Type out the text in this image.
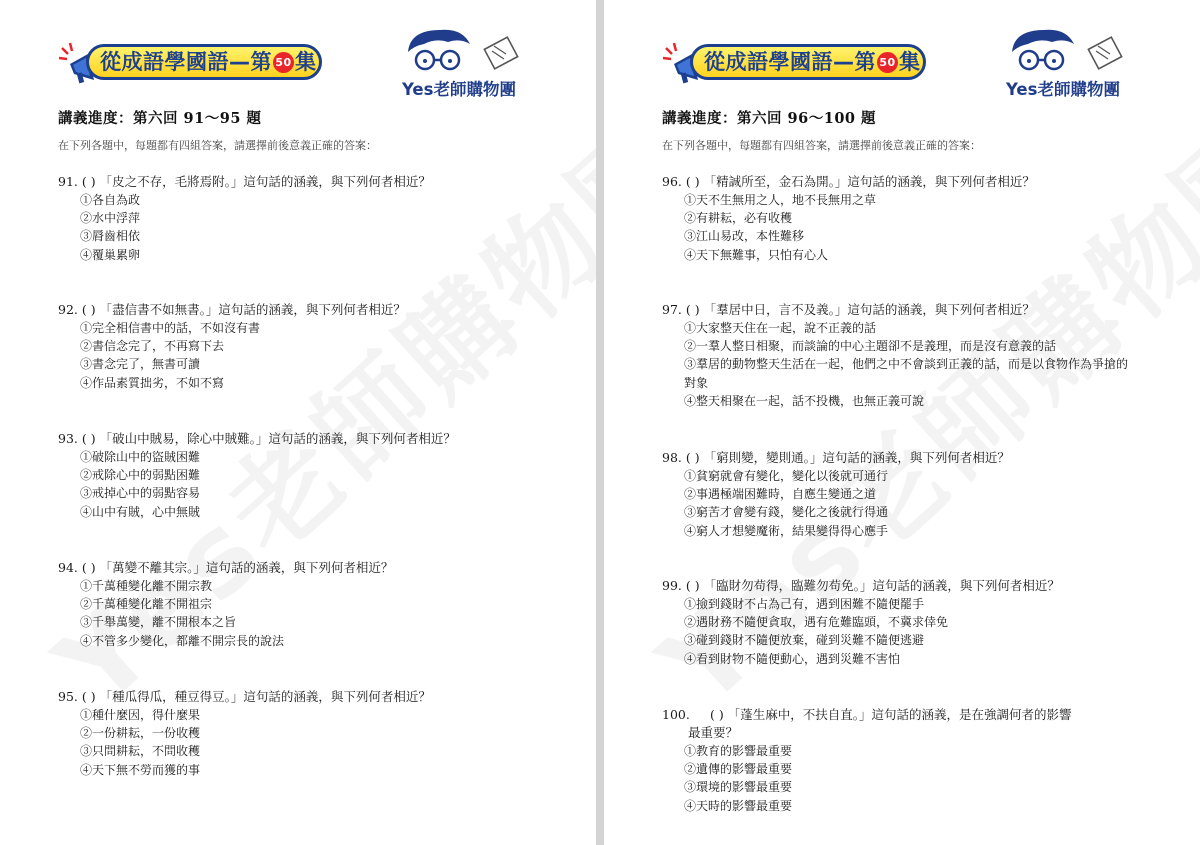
從成語學國語—第 50 集
Yes老師購物團
講義進度：第六回 91～95 題
在下列各題中，每題都有四組答案，請選擇前後意義正確的答案：
91. ( ) 「皮之不存，毛將焉附。」這句話的涵義，與下列何者相近？
①各自為政
②水中浮萍
③脣齒相依
④覆巢累卵
92. ( ) 「盡信書不如無書。」這句話的涵義，與下列何者相近？
①完全相信書中的話，不如沒有書
②書信念完了，不再寫下去
③書念完了，無書可讀
④作品素質拙劣，不如不寫
93. ( ) 「破山中賊易，除心中賊難。」這句話的涵義，與下列何者相近？
①破除山中的盜賊困難
②戒除心中的弱點困難
③戒掉心中的弱點容易
④山中有賊，心中無賊
94. ( ) 「萬變不離其宗。」這句話的涵義，與下列何者相近？
①千萬種變化離不開宗教
②千萬種變化離不開祖宗
③千舉萬變，離不開根本之旨
④不管多少變化，都離不開宗長的說法
95. ( ) 「種瓜得瓜，種豆得豆。」這句話的涵義，與下列何者相近？
①種什麼因，得什麼果
②一份耕耘，一份收穫
③只問耕耘，不問收穫
④天下無不勞而獲的事
從成語學國語—第 50 集
Yes老師購物團
講義進度：第六回 96～100 題
在下列各題中，每題都有四組答案，請選擇前後意義正確的答案：
96. ( ) 「精誠所至，金石為開。」這句話的涵義，與下列何者相近？
①天不生無用之人，地不長無用之草
②有耕耘，必有收穫
③江山易改，本性難移
④天下無難事，只怕有心人
97. ( ) 「羣居中日，言不及義。」這句話的涵義，與下列何者相近？
①大家整天住在一起，說不正義的話
②一羣人整日相聚，而談論的中心主題卻不是義理，而是沒有意義的話
③羣居的動物整天生活在一起，他們之中不會談到正義的話，而是以食物作為爭搶的對象
④整天相聚在一起，話不投機，也無正義可說
98. ( ) 「窮則變，變則通。」這句話的涵義，與下列何者相近？
①貧窮就會有變化，變化以後就可通行
②事遇極端困難時，自應生變通之道
③窮苦才會變有錢，變化之後就行得通
④窮人才想變魔術，結果變得得心應手
99. ( ) 「臨財勿苟得，臨難勿苟免。」這句話的涵義，與下列何者相近？
①撿到錢財不占為己有，遇到困難不隨便罷手
②遇財務不隨便貪取，遇有危難臨頭，不冀求倖免
③碰到錢財不隨便放棄，碰到災難不隨便逃避
④看到財物不隨便動心，遇到災難不害怕
100. ( ) 「蓬生麻中，不扶自直。」這句話的涵義，是在強調何者的影響
最重要？
①教育的影響最重要
②遺傳的影響最重要
③環境的影響最重要
④天時的影響最重要
